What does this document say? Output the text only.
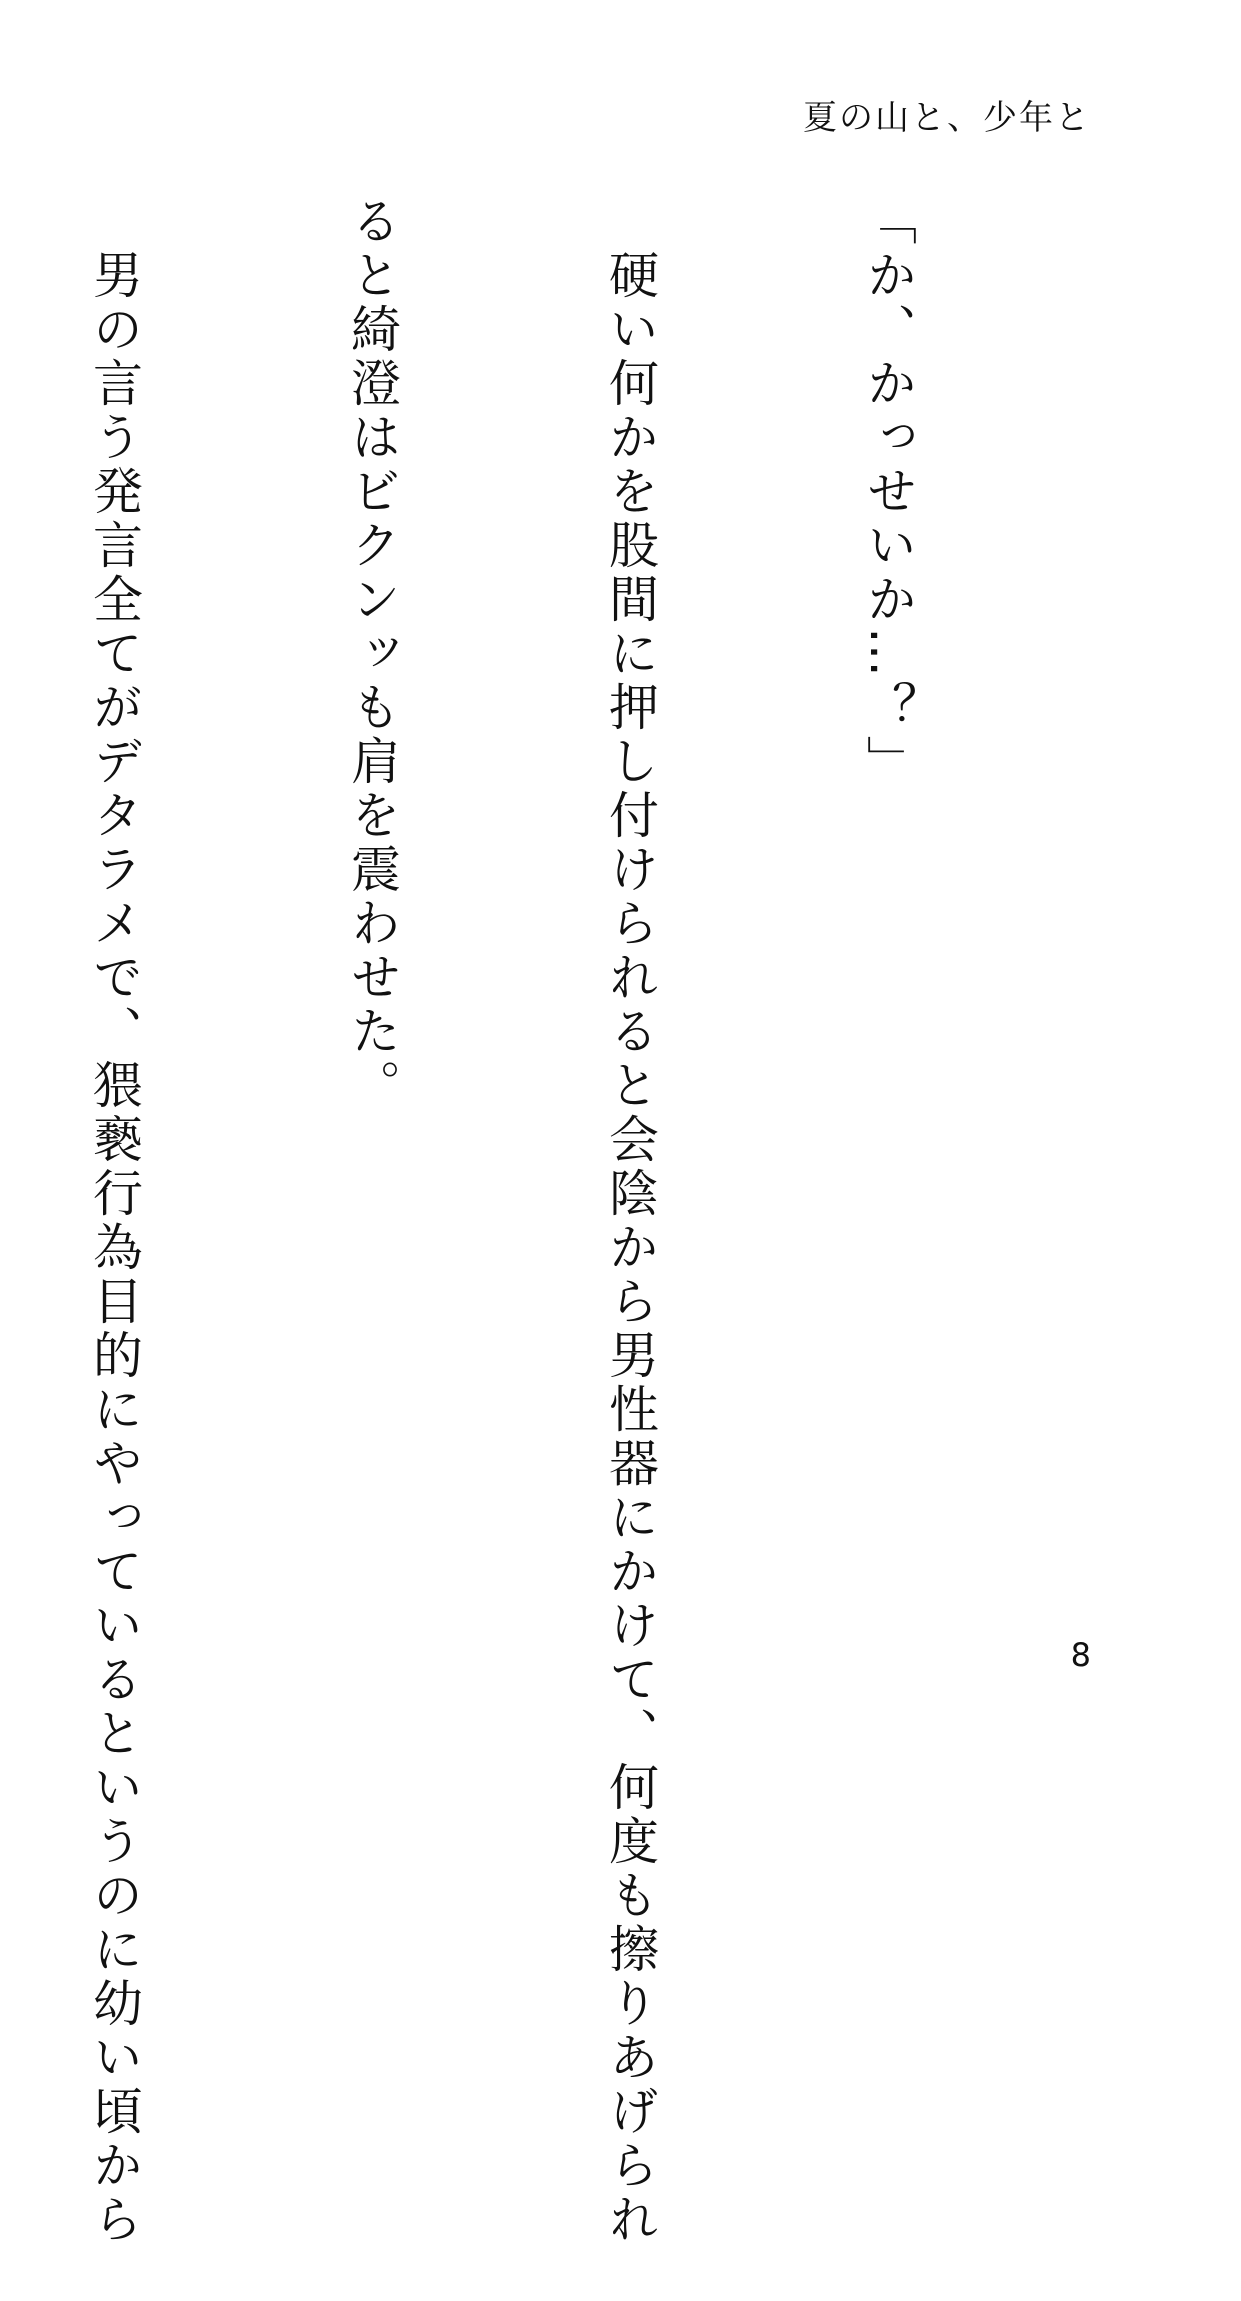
夏の山と、少年と

「か、かっせいか…？」

　硬い何かを股間に押し付けられると会陰から男性器にかけて、何度も擦りあげられ

ると綺澄はビクンッも肩を震わせた。

　男の言う発言全てがデタラメで、猥褻行為目的にやっているというのに幼い頃から

	8
